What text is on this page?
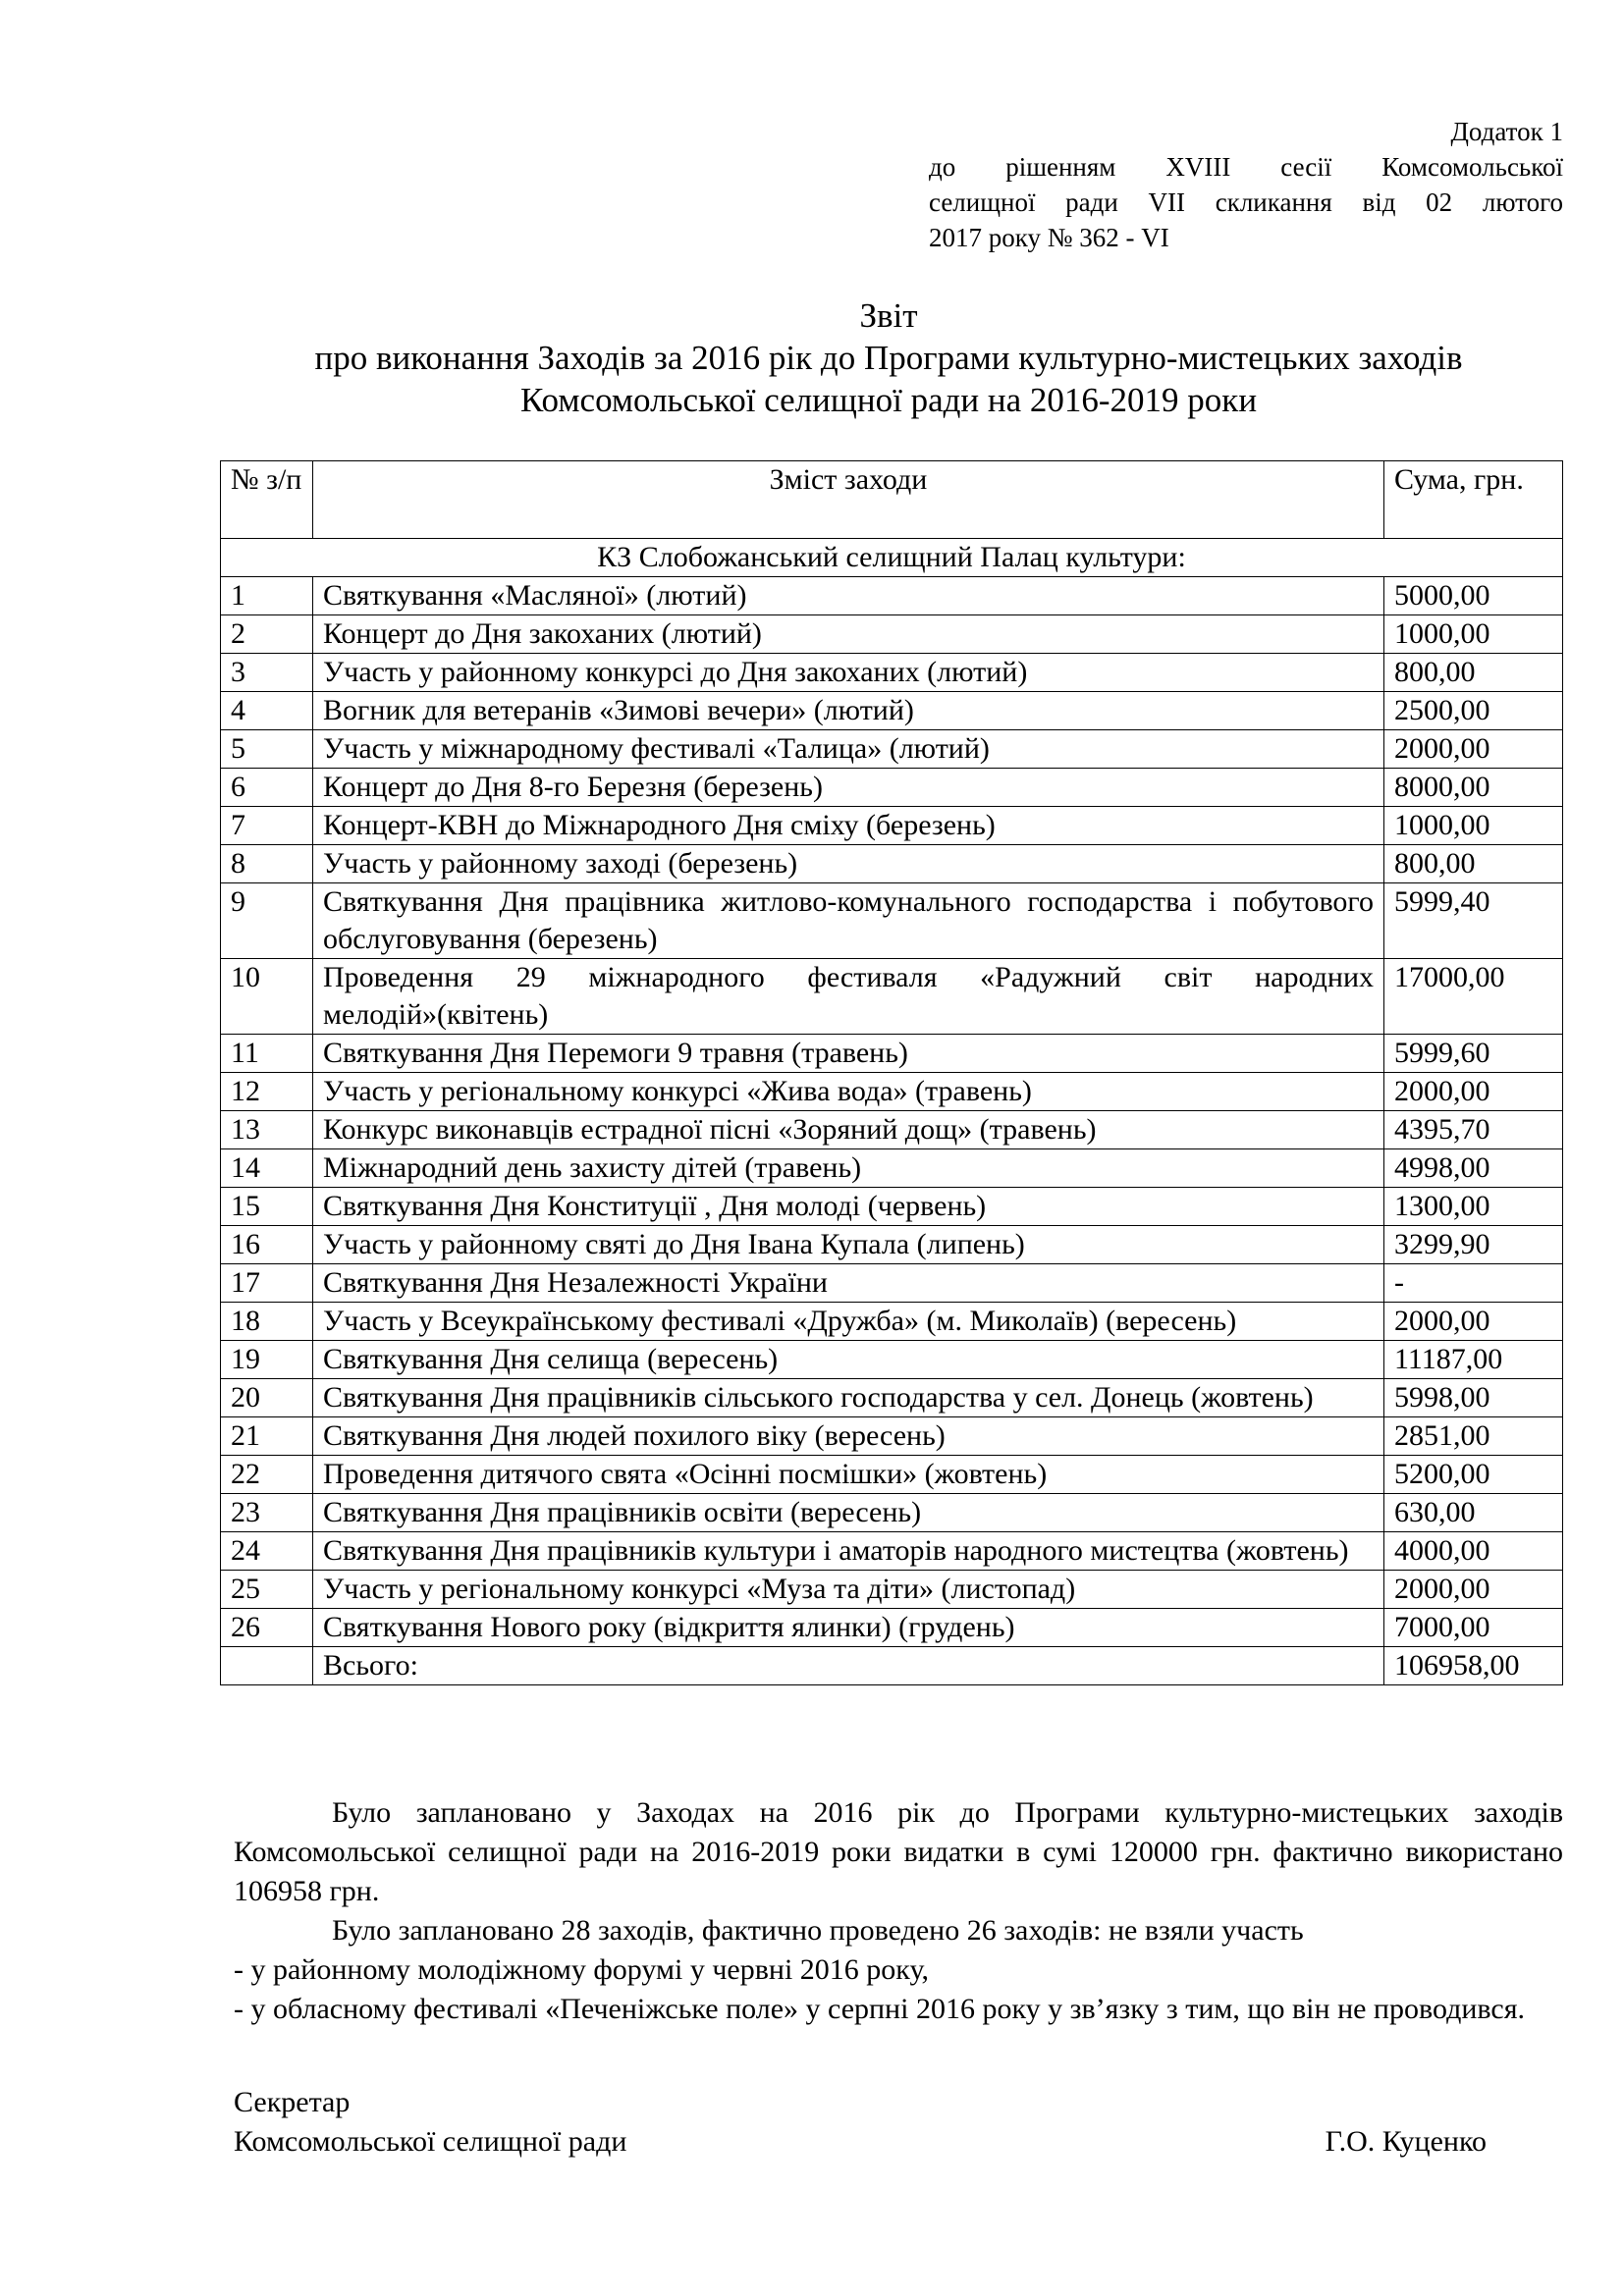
Додаток 1
до рішенням XVIII сесії Комсомольської
селищної ради VII скликання від 02 лютого
2017 року № 362 - VI
Звіт
про виконання Заходів за 2016 рік до Програми культурно-мистецьких заходів
Комсомольської селищної ради на 2016-2019 роки
№ з/п	Зміст заходи	Сума, грн.
КЗ Слобожанський селищний Палац культури:		
1	Святкування «Масляної» (лютий)	5000,00
2	Концерт до Дня закоханих (лютий)	1000,00
3	Участь у районному конкурсі до Дня закоханих (лютий)	800,00
4	Вогник для ветеранів «Зимові вечери» (лютий)	2500,00
5	Участь у міжнародному фестивалі «Талица» (лютий)	2000,00
6	Концерт до Дня 8-го Березня (березень)	8000,00
7	Концерт-КВН до Міжнародного Дня сміху (березень)	1000,00
8	Участь у районному заході (березень)	800,00
9	Святкування Дня працівника житлово-комунального господарства і побутового обслуговування (березень)	5999,40
10	Проведення 29 міжнародного фестиваля «Радужний світ народних мелодій»(квітень)	17000,00
11	Святкування Дня Перемоги 9 травня (травень)	5999,60
12	Участь у регіональному конкурсі «Жива вода» (травень)	2000,00
13	Конкурс виконавців естрадної пісні «Зоряний дощ» (травень)	4395,70
14	Міжнародний день захисту дітей (травень)	4998,00
15	Святкування Дня Конституції , Дня молоді (червень)	1300,00
16	Участь у районному святі до Дня Івана Купала (липень)	3299,90
17	Святкування Дня Незалежності України	-
18	Участь у Всеукраїнському фестивалі «Дружба» (м. Миколаїв) (вересень)	2000,00
19	Святкування Дня селища (вересень)	11187,00
20	Святкування Дня працівників сільського господарства у сел. Донець (жовтень)	5998,00
21	Святкування Дня людей похилого віку (вересень)	2851,00
22	Проведення дитячого свята «Осінні посмішки» (жовтень)	5200,00
23	Святкування Дня працівників освіти (вересень)	630,00
24	Святкування Дня працівників культури і аматорів народного мистецтва (жовтень)	4000,00
25	Участь у регіональному конкурсі «Муза та діти» (листопад)	2000,00
26	Святкування Нового року (відкриття ялинки) (грудень)	7000,00
	Всього:	106958,00

Було заплановано у Заходах на 2016 рік до Програми культурно-мистецьких заходів Комсомольської селищної ради на 2016-2019 роки видатки в сумі 120000 грн. фактично використано 106958 грн.

Було заплановано 28 заходів, фактично проведено 26 заходів: не взяли участь

- у районному молодіжному форумі у червні 2016 року,

- у обласному фестивалі «Печеніжське поле» у серпні 2016 року у зв’язку з тим, що він не проводився.

Секретар
Комсомольської селищної ради	Г.О. Куценко
